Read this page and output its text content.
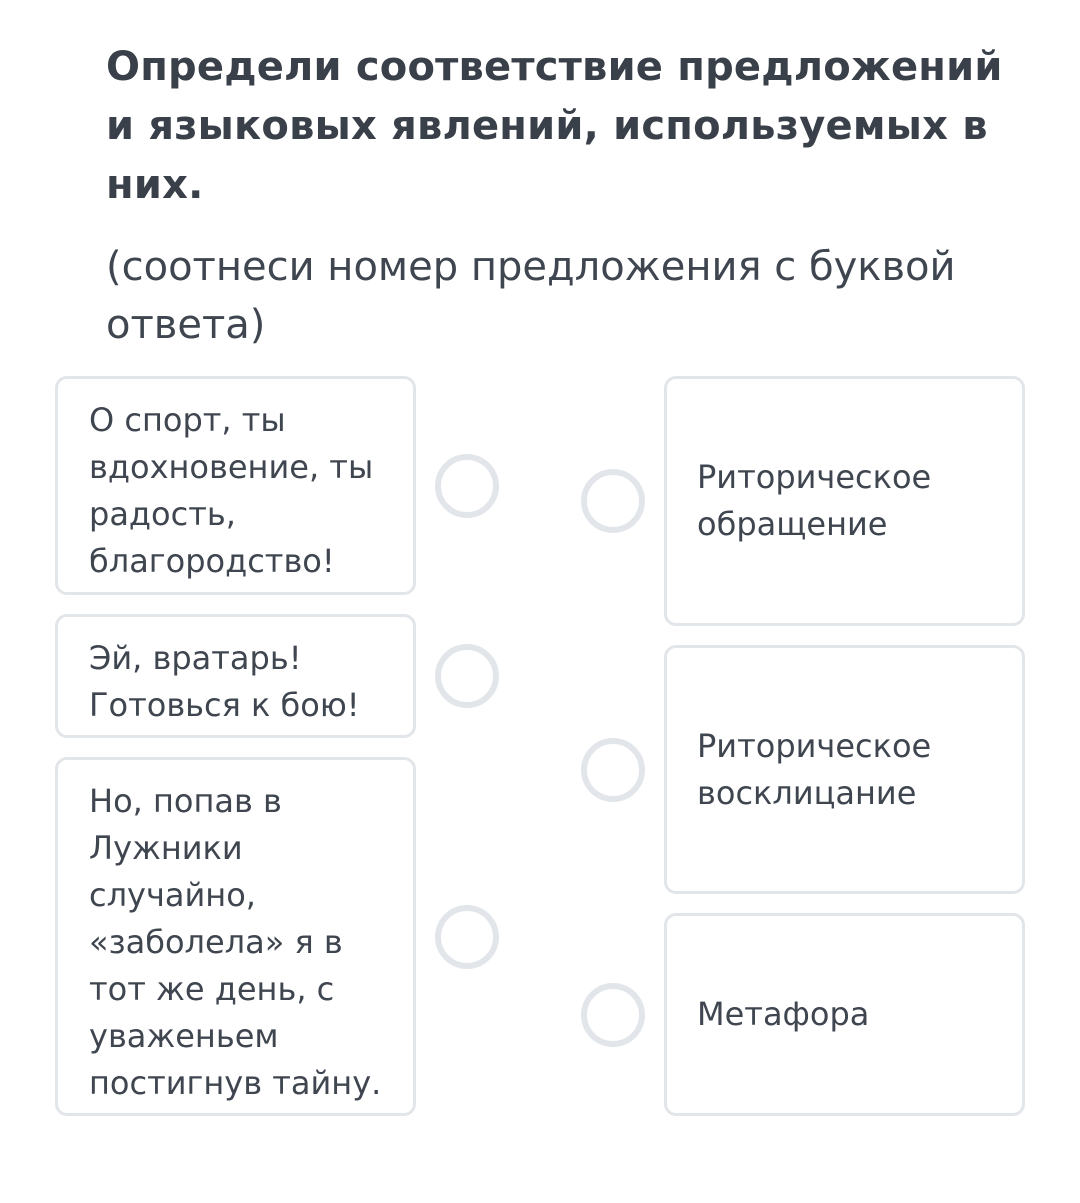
Определи соответствие предложений и языковых явлений, используемых в них.

(соотнеси номер предложения с буквой ответа)

О спорт, ты вдохновение, ты радость, благородство!
Эй, вратарь! Готовься к бою!
Но, попав в Лужники случайно, «заболела» я в тот же день, с уваженьем постигнув тайну.
Риторическое обращение
Риторическое восклицание
Метафора
